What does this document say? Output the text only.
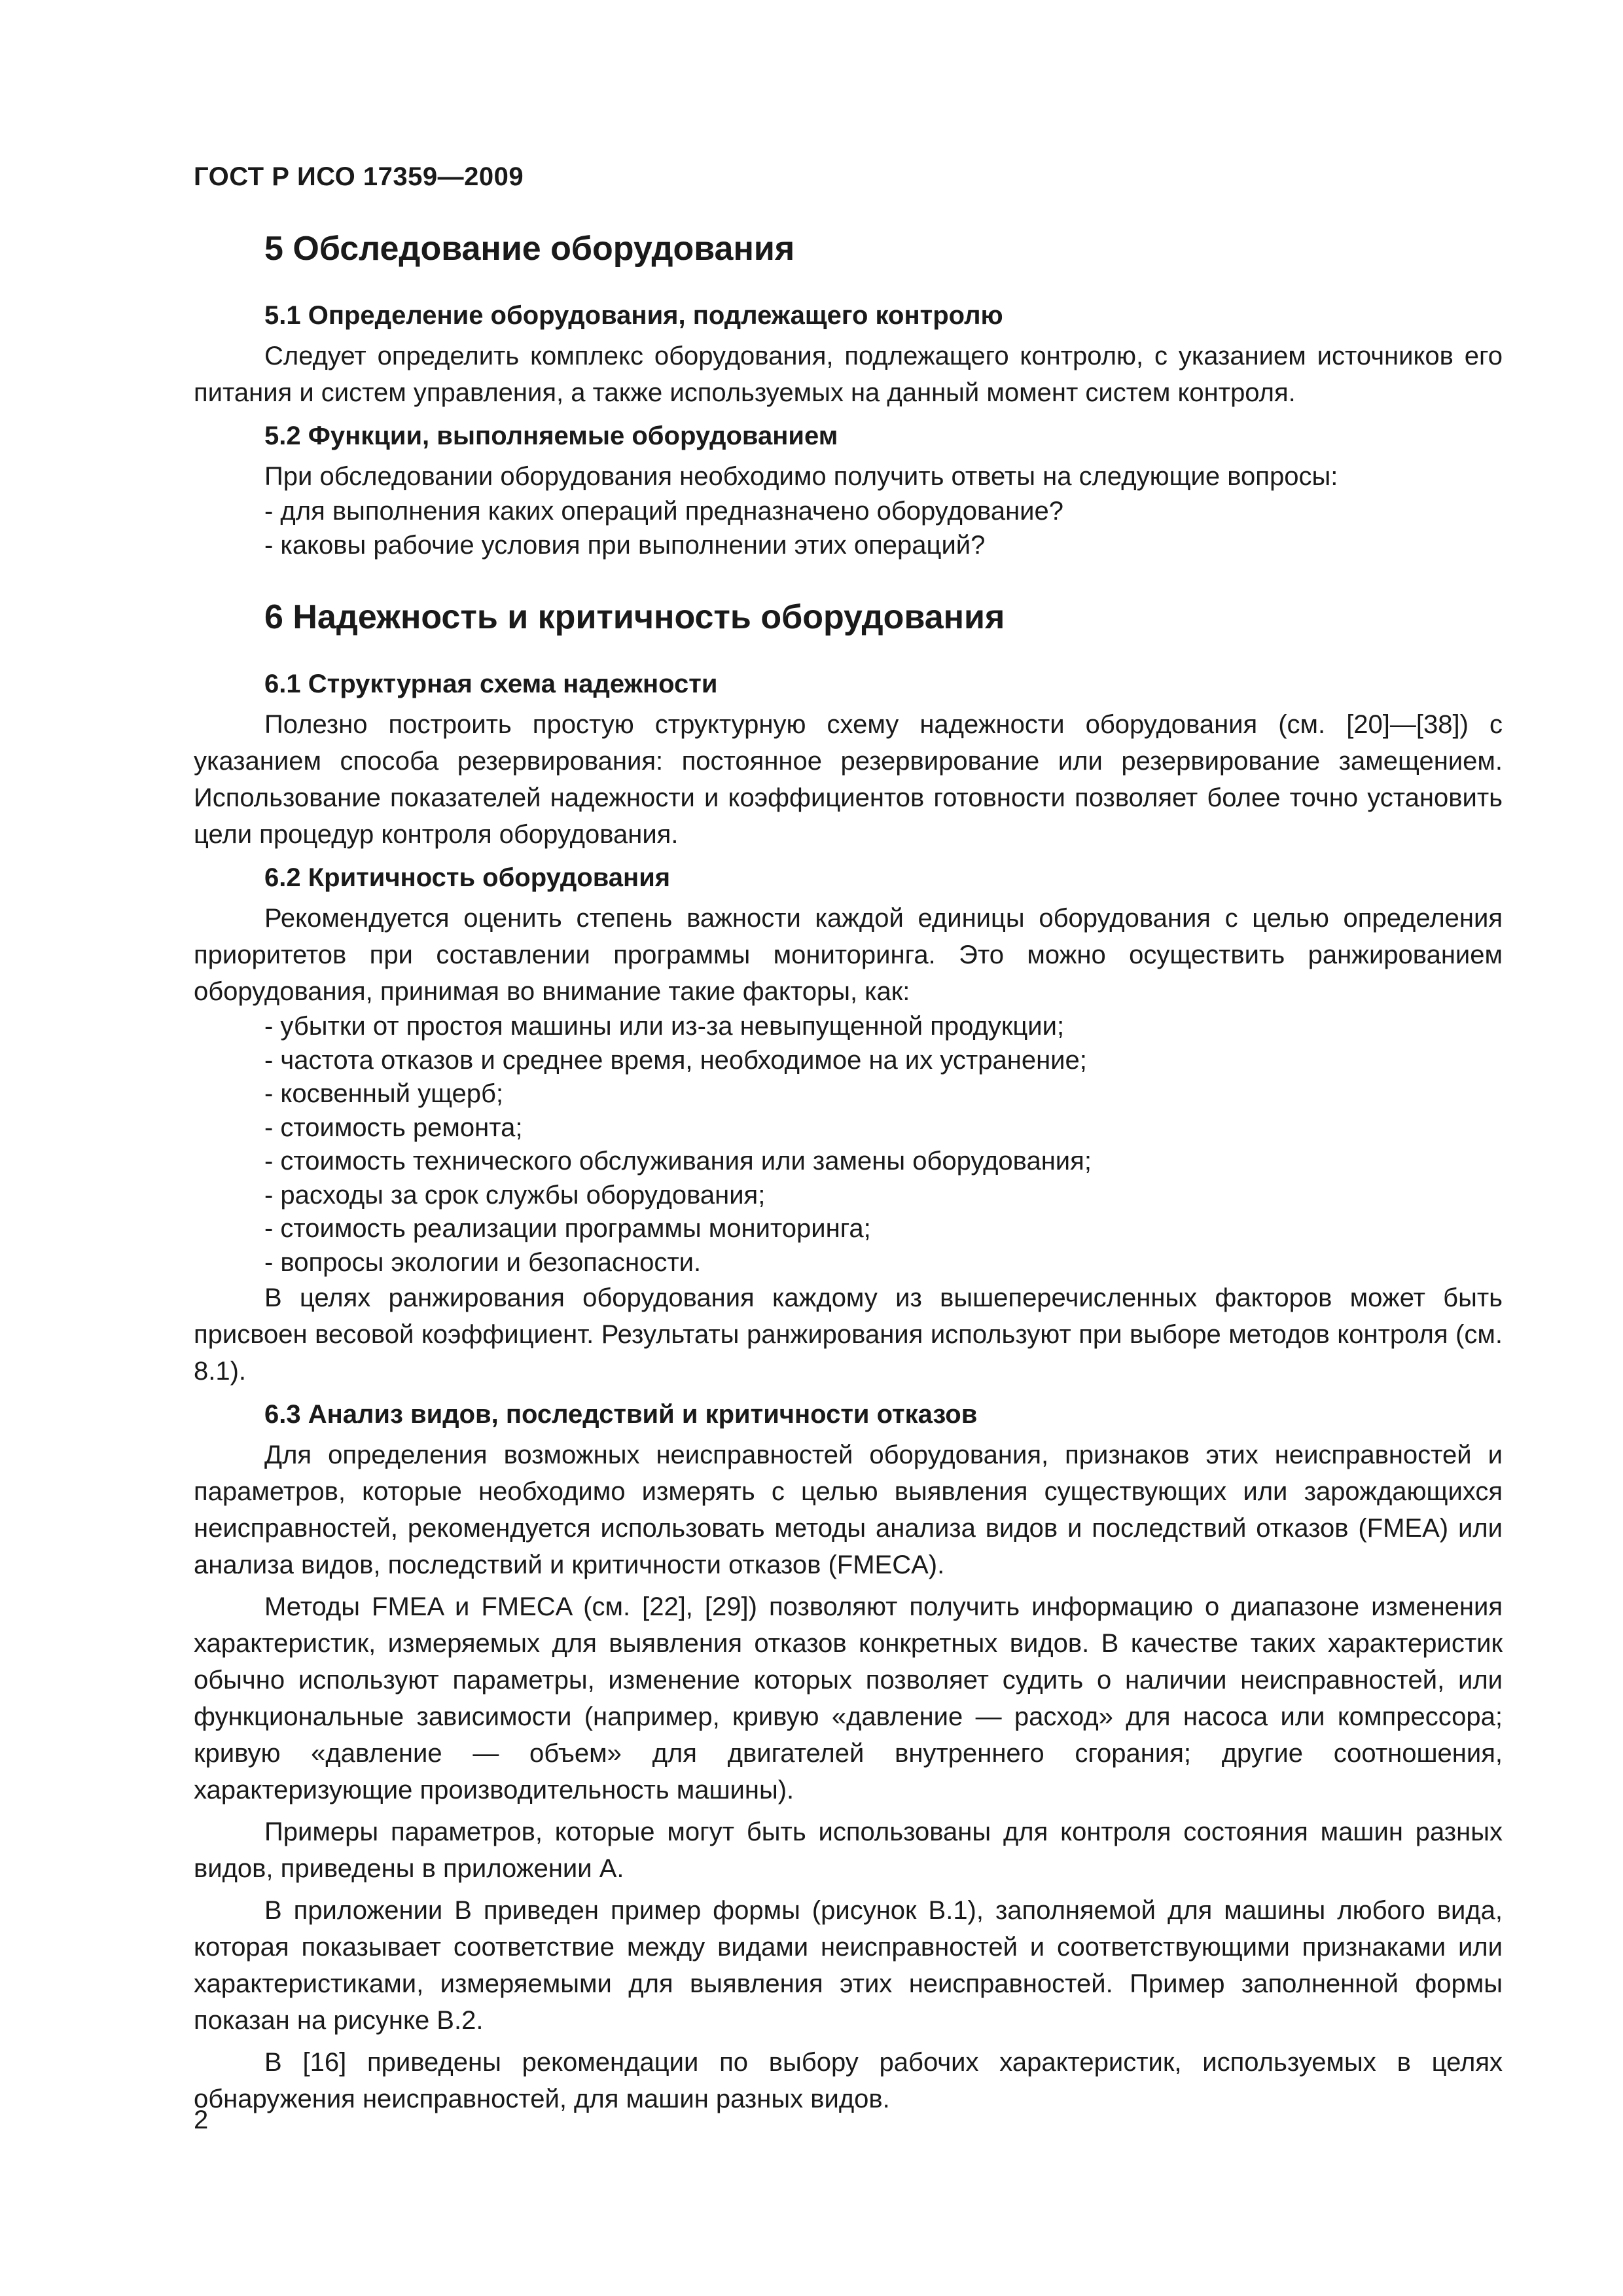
ГОСТ Р ИСО 17359—2009
5 Обследование оборудования
5.1 Определение оборудования, подлежащего контролю

Следует определить комплекс оборудования, подлежащего контролю, с указанием источников его питания и систем управления, а также используемых на данный момент систем контроля.

5.2 Функции, выполняемые оборудованием

При обследовании оборудования необходимо получить ответы на следующие вопросы:

- для выполнения каких операций предназначено оборудование?
- каковы рабочие условия при выполнении этих операций?
6 Надежность и критичность оборудования
6.1 Структурная схема надежности

Полезно построить простую структурную схему надежности оборудования (см. [20]—[38]) с указанием способа резервирования: постоянное резервирование или резервирование замещением. Использование показателей надежности и коэффициентов готовности позволяет более точно установить цели процедур контроля оборудования.

6.2 Критичность оборудования

Рекомендуется оценить степень важности каждой единицы оборудования с целью определения приоритетов при составлении программы мониторинга. Это можно осуществить ранжированием оборудования, принимая во внимание такие факторы, как:

- убытки от простоя машины или из-за невыпущенной продукции;
- частота отказов и среднее время, необходимое на их устранение;
- косвенный ущерб;
- стоимость ремонта;
- стоимость технического обслуживания или замены оборудования;
- расходы за срок службы оборудования;
- стоимость реализации программы мониторинга;
- вопросы экологии и безопасности.

В целях ранжирования оборудования каждому из вышеперечисленных факторов может быть присвоен весовой коэффициент. Результаты ранжирования используют при выборе методов контроля (см. 8.1).

6.3 Анализ видов, последствий и критичности отказов

Для определения возможных неисправностей оборудования, признаков этих неисправностей и параметров, которые необходимо измерять с целью выявления существующих или зарождающихся неисправностей, рекомендуется использовать методы анализа видов и последствий отказов (FMEA) или анализа видов, последствий и критичности отказов (FMECA).

Методы FMEA и FMECA (см. [22], [29]) позволяют получить информацию о диапазоне изменения характеристик, измеряемых для выявления отказов конкретных видов. В качестве таких характеристик обычно используют параметры, изменение которых позволяет судить о наличии неисправностей, или функциональные зависимости (например, кривую «давление — расход» для насоса или компрессора; кривую «давление — объем» для двигателей внутреннего сгорания; другие соотношения, характеризующие производительность машины).

Примеры параметров, которые могут быть использованы для контроля состояния машин разных видов, приведены в приложении А.

В приложении В приведен пример формы (рисунок В.1), заполняемой для машины любого вида, которая показывает соответствие между видами неисправностей и соответствующими признаками или характеристиками, измеряемыми для выявления этих неисправностей. Пример заполненной формы показан на рисунке В.2.

В [16] приведены рекомендации по выбору рабочих характеристик, используемых в целях обнаружения неисправностей, для машин разных видов.

2
